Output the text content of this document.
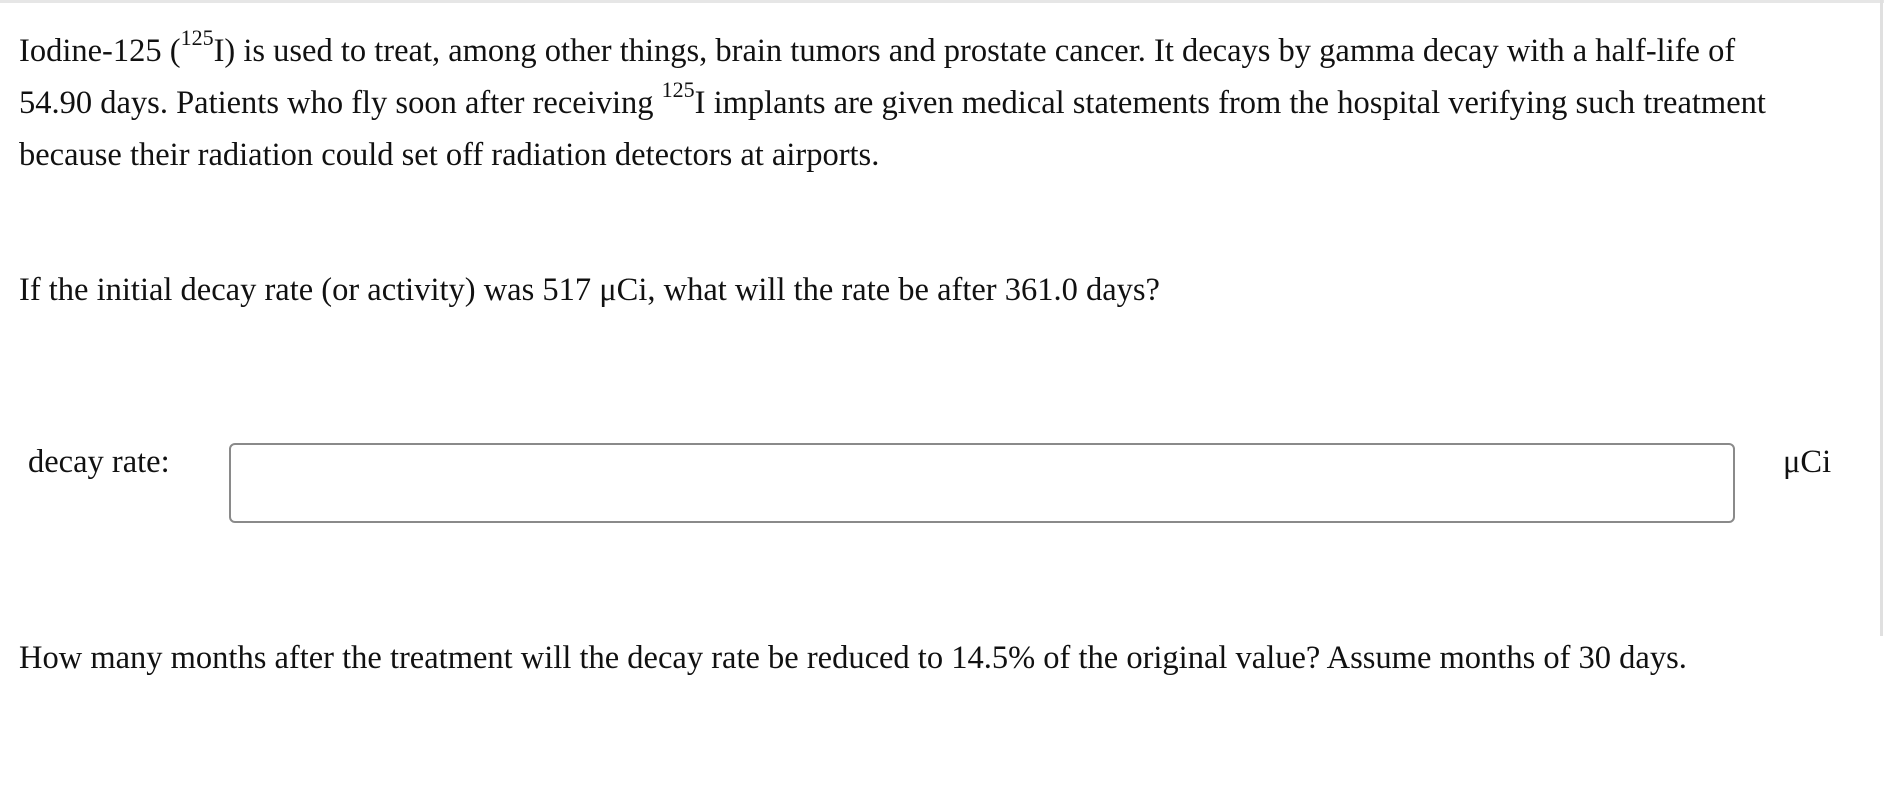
Iodine-125 ($^{125}$I) is used to treat, among other things, brain tumors and prostate cancer. It decays by gamma decay with a half-life of 54.90 days. Patients who fly soon after receiving $^{125}$I implants are given medical statements from the hospital verifying such treatment because their radiation could set off radiation detectors at airports.

If the initial decay rate (or activity) was 517 μCi, what will the rate be after 361.0 days?

decay rate:	μCi

How many months after the treatment will the decay rate be reduced to 14.5% of the original value? Assume months of 30 days.
